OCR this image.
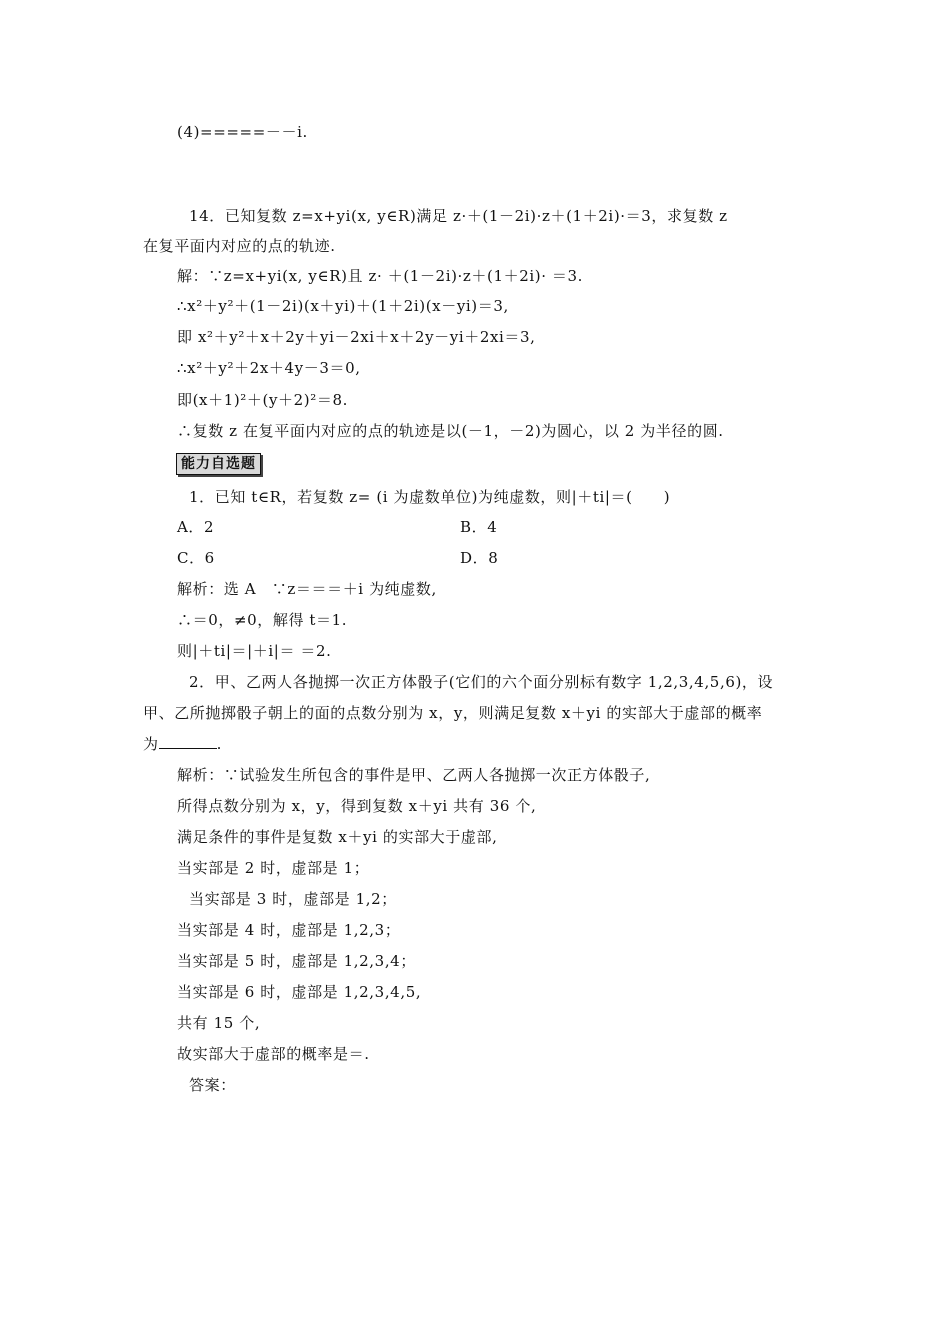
(4)=====－－i.
14．已知复数 z=x+yi(x, y∈R)满足 z·＋(1－2i)·z＋(1＋2i)·＝3，求复数 z
在复平面内对应的点的轨迹.
解：∵z=x+yi(x, y∈R)且 z· ＋(1－2i)·z＋(1＋2i)· ＝3.
∴x²＋y²＋(1－2i)(x＋yi)＋(1＋2i)(x－yi)＝3,
即 x²＋y²＋x＋2y＋yi－2xi＋x＋2y－yi＋2xi＝3,
∴x²＋y²＋2x＋4y－3＝0,
即(x＋1)²＋(y＋2)²＝8.
∴复数 z 在复平面内对应的点的轨迹是以(－1，－2)为圆心，以 2 为半径的圆.
能力自选题
1．已知 t∈R，若复数 z= (i 为虚数单位)为纯虚数，则|＋ti|＝(　　)
A．2	B．4
C．6	D．8
解析：选 A　∵z＝＝＝＋i 为纯虚数,
∴＝0，≠0，解得 t＝1.
则|＋ti|＝|＋i|＝ ＝2.
2．甲、乙两人各抛掷一次正方体骰子(它们的六个面分别标有数字 1,2,3,4,5,6)，设
甲、乙所抛掷骰子朝上的面的点数分别为 x，y，则满足复数 x＋yi 的实部大于虚部的概率
为	.
解析：∵试验发生所包含的事件是甲、乙两人各抛掷一次正方体骰子,
所得点数分别为 x，y，得到复数 x＋yi 共有 36 个,
满足条件的事件是复数 x＋yi 的实部大于虚部,
当实部是 2 时，虚部是 1；
当实部是 3 时，虚部是 1,2；
当实部是 4 时，虚部是 1,2,3；
当实部是 5 时，虚部是 1,2,3,4；
当实部是 6 时，虚部是 1,2,3,4,5,
共有 15 个,
故实部大于虚部的概率是＝.
答案：
